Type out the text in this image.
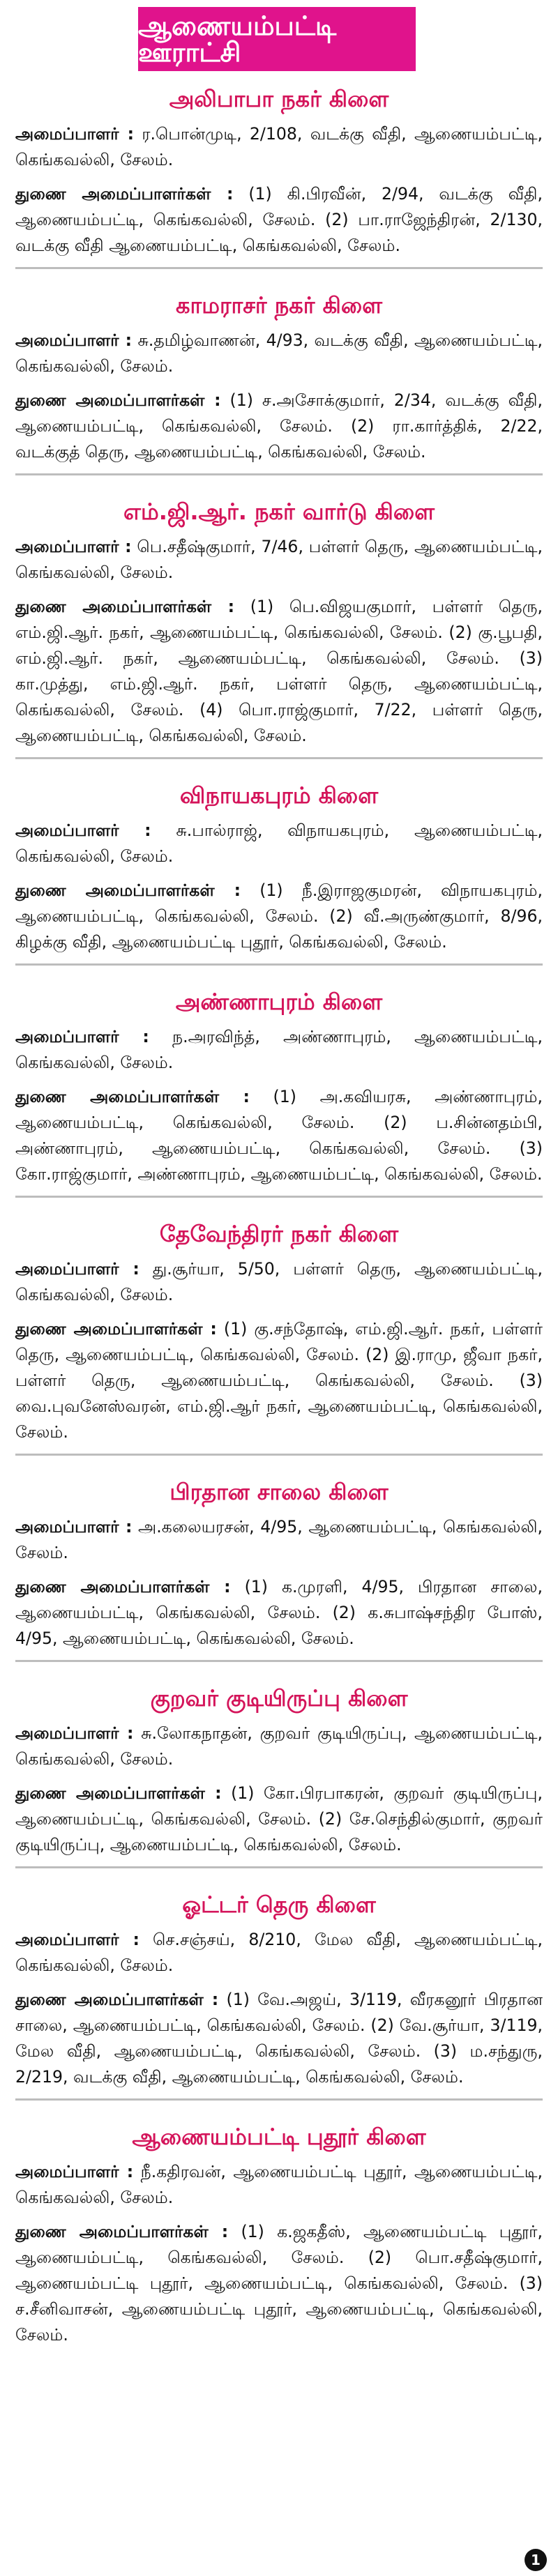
ஆணையம்பட்டி ஊராட்சி
அலிபாபா நகர் கிளை

அமைப்பாளர் : ர.பொன்முடி, 2/108, வடக்கு வீதி, ஆணையம்பட்டி, கெங்கவல்லி, சேலம்.

துணை அமைப்பாளர்கள் : (1) கி.பிரவீன், 2/94, வடக்கு வீதி, ஆணையம்பட்டி, கெங்கவல்லி, சேலம். (2) பா.ராஜேந்திரன், 2/130, வடக்கு வீதி ஆணையம்பட்டி, கெங்கவல்லி, சேலம்.

காமராசர் நகர் கிளை

அமைப்பாளர் : சு.தமிழ்வாணன், 4/93, வடக்கு வீதி, ஆணையம்பட்டி, கெங்கவல்லி, சேலம்.

துணை அமைப்பாளர்கள் : (1) ச.அசோக்குமார், 2/34, வடக்கு வீதி, ஆணையம்பட்டி, கெங்கவல்லி, சேலம். (2) ரா.கார்த்திக், 2/22, வடக்குத் தெரு, ஆணையம்பட்டி, கெங்கவல்லி, சேலம்.

எம்.ஜி.ஆர். நகர் வார்டு கிளை

அமைப்பாளர் : பெ.சதீஷ்குமார், 7/46, பள்ளர் தெரு, ஆணையம்பட்டி, கெங்கவல்லி, சேலம்.

துணை அமைப்பாளர்கள் : (1) பெ.விஜயகுமார், பள்ளர் தெரு, எம்.ஜி.ஆர். நகர், ஆணையம்பட்டி, கெங்கவல்லி, சேலம். (2) கு.பூபதி, எம்.ஜி.ஆர். நகர், ஆணையம்பட்டி, கெங்கவல்லி, சேலம். (3) கா.முத்து, எம்.ஜி.ஆர். நகர், பள்ளர் தெரு, ஆணையம்பட்டி, கெங்கவல்லி, சேலம். (4) பொ.ராஜ்குமார், 7/22, பள்ளர் தெரு, ஆணையம்பட்டி, கெங்கவல்லி, சேலம்.

விநாயகபுரம் கிளை

அமைப்பாளர் : சு.பால்ராஜ், விநாயகபுரம், ஆணையம்பட்டி, கெங்கவல்லி, சேலம்.

துணை அமைப்பாளர்கள் : (1) நீ.இராஜகுமரன், விநாயகபுரம், ஆணையம்பட்டி, கெங்கவல்லி, சேலம். (2) வீ.அருண்குமார், 8/96, கிழக்கு வீதி, ஆணையம்பட்டி புதூர், கெங்கவல்லி, சேலம்.

அண்ணாபுரம் கிளை

அமைப்பாளர் : ந.அரவிந்த், அண்ணாபுரம், ஆணையம்பட்டி, கெங்கவல்லி, சேலம்.

துணை அமைப்பாளர்கள் : (1) அ.கவியரசு, அண்ணாபுரம், ஆணையம்பட்டி, கெங்கவல்லி, சேலம். (2) ப.சின்னதம்பி, அண்ணாபுரம், ஆணையம்பட்டி, கெங்கவல்லி, சேலம். (3) கோ.ராஜ்குமார், அண்ணாபுரம், ஆணையம்பட்டி, கெங்கவல்லி, சேலம்.

தேவேந்திரர் நகர் கிளை

அமைப்பாளர் : து.சூர்யா, 5/50, பள்ளர் தெரு, ஆணையம்பட்டி, கெங்கவல்லி, சேலம்.

துணை அமைப்பாளர்கள் : (1) கு.சந்தோஷ், எம்.ஜி.ஆர். நகர், பள்ளர் தெரு, ஆணையம்பட்டி, கெங்கவல்லி, சேலம். (2) இ.ராமு, ஜீவா நகர், பள்ளர் தெரு, ஆணையம்பட்டி, கெங்கவல்லி, சேலம். (3) வை.புவனேஸ்வரன், எம்.ஜி.ஆர் நகர், ஆணையம்பட்டி, கெங்கவல்லி, சேலம்.

பிரதான சாலை கிளை

அமைப்பாளர் : அ.கலையரசன், 4/95, ஆணையம்பட்டி, கெங்கவல்லி, சேலம்.

துணை அமைப்பாளர்கள் : (1) க.முரளி, 4/95, பிரதான சாலை, ஆணையம்பட்டி, கெங்கவல்லி, சேலம். (2) க.சுபாஷ்சந்திர போஸ், 4/95, ஆணையம்பட்டி, கெங்கவல்லி, சேலம்.

குறவர் குடியிருப்பு கிளை

அமைப்பாளர் : சு.லோகநாதன், குறவர் குடியிருப்பு, ஆணையம்பட்டி, கெங்கவல்லி, சேலம்.

துணை அமைப்பாளர்கள் : (1) கோ.பிரபாகரன், குறவர் குடியிருப்பு, ஆணையம்பட்டி, கெங்கவல்லி, சேலம். (2) சே.செந்தில்குமார், குறவர் குடியிருப்பு, ஆணையம்பட்டி, கெங்கவல்லி, சேலம்.

ஓட்டர் தெரு கிளை

அமைப்பாளர் : செ.சஞ்சய், 8/210, மேல வீதி, ஆணையம்பட்டி, கெங்கவல்லி, சேலம்.

துணை அமைப்பாளர்கள் : (1) வே.அஜய், 3/119, வீரகனூர் பிரதான சாலை, ஆணையம்பட்டி, கெங்கவல்லி, சேலம். (2) வே.சூர்யா, 3/119, மேல வீதி, ஆணையம்பட்டி, கெங்கவல்லி, சேலம். (3) ம.சந்துரு, 2/219, வடக்கு வீதி, ஆணையம்பட்டி, கெங்கவல்லி, சேலம்.

ஆணையம்பட்டி புதூர் கிளை

அமைப்பாளர் : நீ.கதிரவன், ஆணையம்பட்டி புதூர், ஆணையம்பட்டி, கெங்கவல்லி, சேலம்.

துணை அமைப்பாளர்கள் : (1) க.ஜகதீஸ், ஆணையம்பட்டி புதூர், ஆணையம்பட்டி, கெங்கவல்லி, சேலம். (2) பொ.சதீஷ்குமார், ஆணையம்பட்டி புதூர், ஆணையம்பட்டி, கெங்கவல்லி, சேலம். (3) ச.சீனிவாசன், ஆணையம்பட்டி புதூர், ஆணையம்பட்டி, கெங்கவல்லி, சேலம்.

1
